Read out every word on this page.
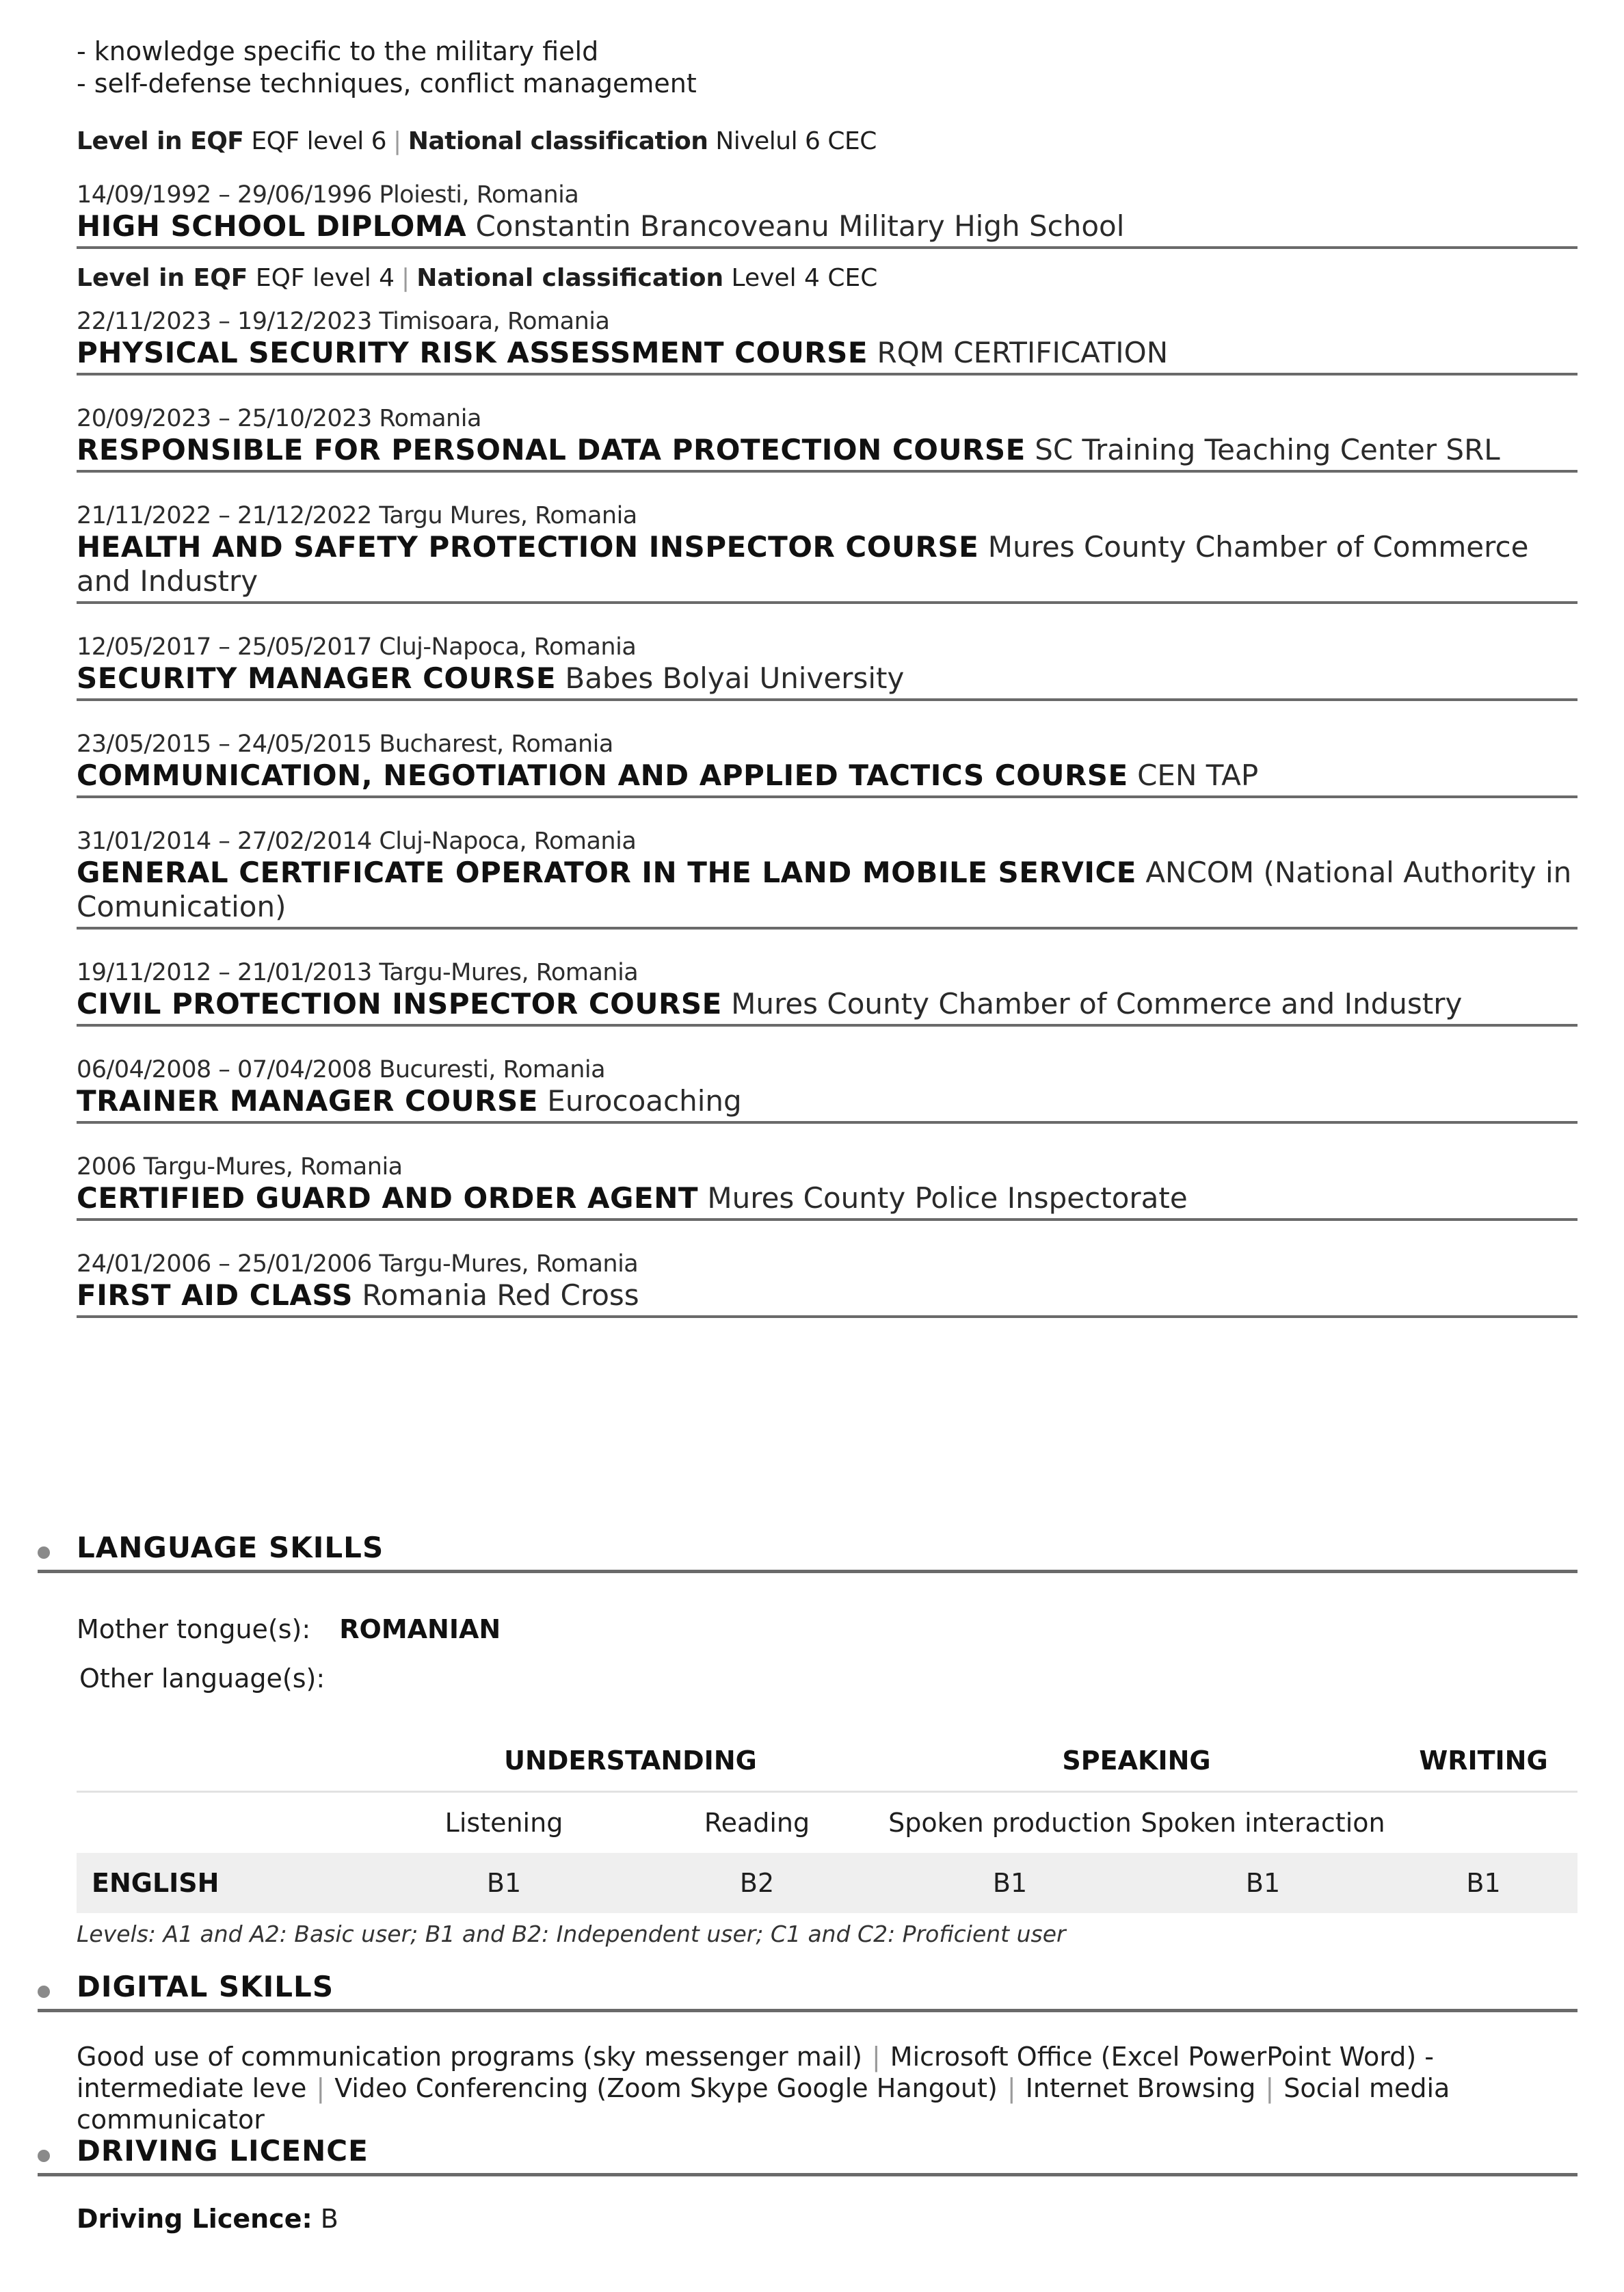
- knowledge specific to the military field
- self-defense techniques, conflict management
Level in EQF EQF level 6 | National classification Nivelul 6 CEC
14/09/1992 – 29/06/1996 Ploiesti, Romania
HIGH SCHOOL DIPLOMA Constantin Brancoveanu Military High School
Level in EQF EQF level 4 | National classification Level 4 CEC
22/11/2023 – 19/12/2023 Timisoara, Romania
PHYSICAL SECURITY RISK ASSESSMENT COURSE RQM CERTIFICATION
20/09/2023 – 25/10/2023 Romania
RESPONSIBLE FOR PERSONAL DATA PROTECTION COURSE SC Training Teaching Center SRL
21/11/2022 – 21/12/2022 Targu Mures, Romania
HEALTH AND SAFETY PROTECTION INSPECTOR COURSE Mures County Chamber of Commerce and Industry
12/05/2017 – 25/05/2017 Cluj-Napoca, Romania
SECURITY MANAGER COURSE Babes Bolyai University
23/05/2015 – 24/05/2015 Bucharest, Romania
COMMUNICATION, NEGOTIATION AND APPLIED TACTICS COURSE CEN TAP
31/01/2014 – 27/02/2014 Cluj-Napoca, Romania
GENERAL CERTIFICATE OPERATOR IN THE LAND MOBILE SERVICE ANCOM (National Authority in Comunication)
19/11/2012 – 21/01/2013 Targu-Mures, Romania
CIVIL PROTECTION INSPECTOR COURSE Mures County Chamber of Commerce and Industry
06/04/2008 – 07/04/2008 Bucuresti, Romania
TRAINER MANAGER COURSE Eurocoaching
2006 Targu-Mures, Romania
CERTIFIED GUARD AND ORDER AGENT Mures County Police Inspectorate
24/01/2006 – 25/01/2006 Targu-Mures, Romania
FIRST AID CLASS Romania Red Cross
LANGUAGE SKILLS
Mother tongue(s): ROMANIAN
Other language(s):
	UNDERSTANDING		SPEAKING		WRITING
	Listening	Reading	Spoken production	Spoken interaction	
ENGLISH	B1	B2	B1	B1	B1
Levels: A1 and A2: Basic user; B1 and B2: Independent user; C1 and C2: Proficient user
DIGITAL SKILLS
Good use of communication programs (sky messenger mail) | Microsoft Office (Excel PowerPoint Word) - intermediate leve | Video Conferencing (Zoom Skype Google Hangout) | Internet Browsing | Social media communicator
DRIVING LICENCE
Driving Licence: B
